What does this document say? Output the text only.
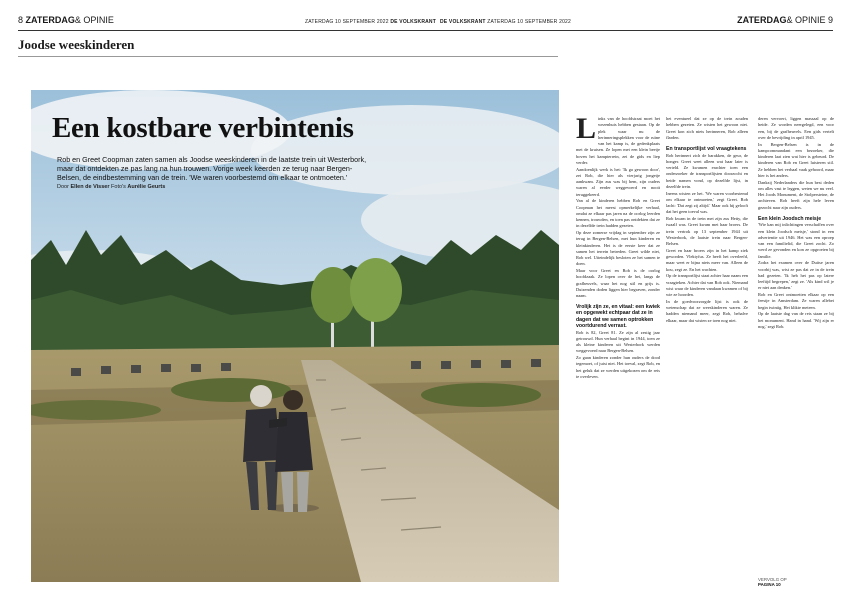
8 ZATERDAG& OPINIE	ZATERDAG 10 SEPTEMBER 2022 DE VOLKSKRANT DE VOLKSKRANT ZATERDAG 10 SEPTEMBER 2022	ZATERDAG& OPINIE 9
Joodse weeskinderen
Een kostbare verbintenis

Rob en Greet Coopman zaten samen als Joodse weeskinderen in de laatste trein uit Westerbork, maar dat ontdekten ze pas lang na hun trouwen. Vorige week keerden ze terug naar Bergen-Belsen, de eindbestemming van de trein. 'We waren voorbestemd om elkaar te ontmoeten.'

Door Ellen de Visser Foto's Aurélie Geurts

Links van de hoofdstraat moet het wezenhuis hebben gestaan. Op de plek waar nu de herinneringsplekken voor de ruïne van het kamp is, de gedenkplaats met de kruisen. Ze lopen met een klein beetje boven het kampterrein, zei de gids en liep verder.

Aandoenlijk werk is het: 'Ik ga gewoon door', zei Rob, die hier als vierjarig jongetje aankwam. Zijn zus was bij hem, zijn ouders waren al eerder weggevoerd en nooit teruggekeerd.

Van al de kinderen hebben Rob en Greet Coopman het meest opmerkelijke verhaal, omdat ze elkaar pas jaren na de oorlog leerden kennen, trouwden, en toen pas ontdekten dat ze in dezelfde trein hadden gezeten.

Op deze zomerse vrijdag in september zijn ze terug in Bergen-Belsen, met hun kinderen en kleinkinderen. Het is de eerste keer dat ze samen het terrein betreden. Greet wilde niet, Rob wel. Uiteindelijk besloten ze het samen te doen.

Maar voor Greet en Rob is de oorlog hoofdzaak. Ze lopen over de hei, langs de grafheuvels, waar het nog stil en grijs is. Duizenden doden liggen hier begraven, zonder naam.

Vrolijk zijn ze, en vitaal: een kwiek en opgewekt echtpaar dat ze in dagen dat we samen optrokken voortdurend verrast.

Rob is 82, Greet 81. Ze zijn al zestig jaar getrouwd. Hun verhaal begint in 1944, toen ze als kleine kinderen uit Westerbork werden weggevoerd naar Bergen-Belsen.

Zo gaan kinderen zonder hun ouders de dood tegemoet, of juist niet. Het toeval, zegt Rob, en het geluk dat ze werden uitgekozen om de reis te overleven.

het eventueel dat ze op de trein zouden hebben gezeten. Ze wisten het gewoon niet. Greet kon zich niets herinneren, Rob alleen flarden.

En transportlijst vol vraagtekens

Rob herinnert zich de barakken, de geur, de honger. Greet weet alleen wat haar later is verteld. Ze kwamen erachter toen een onderzoeker de transportlijsten doorzocht en beide namen vond, op dezelfde lijst, in dezelfde trein.

Ineens wisten ze het. 'We waren voorbestemd om elkaar te ontmoeten,' zegt Greet. Rob lacht: 'Dat zegt zij altijd.' Maar ook hij gelooft dat het geen toeval was.

Rob kwam in de trein met zijn zus Hetty, die twaalf was. Greet kwam met haar broers. De trein vertrok op 13 september 1944 uit Westerbork, de laatste trein naar Bergen-Belsen.

Greet en haar broers zijn in het kamp ziek geworden. Vlektyfus. Ze heeft het overleefd, maar weet er bijna niets meer van. Alleen de kou, zegt ze. En het wachten.

Op de transportlijst staat achter haar naam een vraagteken. Achter dat van Rob ook. Niemand wist waar de kinderen vandaan kwamen of bij wie ze hoorden.

In de goedvoorzorgde lijst is ook de wetenschap dat ze weeskinderen waren. Ze hadden niemand meer, zegt Rob, behalve elkaar, maar dat wisten ze toen nog niet.

deren vervoert, liggen massaal op de heide. Ze worden neergelegd, een voor een, bij de grafheuvels. Een gids vertelt over de bevrijding in april 1945.

In Bergen-Belsen is in de kampcommandant een bezoeker, die kinderen laat zien wat hier is gebeurd. De kinderen van Rob en Greet luisteren stil. Ze hebben het verhaal vaak gehoord, maar hier is het anders.

Dankzij Nederlanders die hun best deden om alles vast te leggen, weten we nu veel. Het Joods Monument, de Stolpersteine, de archieven. Rob heeft zijn hele leven gezocht naar zijn ouders.

Een klein Joodsch meisje

'Wie kan mij inlichtingen verschaffen over een klein Joodsch meisje,' stond in een advertentie uit 1946. Het was een oproep van een familielid, die Greet zocht. Zo werd ze gevonden en kon ze opgroeien bij familie.

Zodra het examen over de Duitse jaren voorbij was, wist ze pas dat ze in de trein had gezeten. 'Ik heb het pas op latere leeftijd begrepen,' zegt ze. 'Als kind wil je er niet aan denken.'

Rob en Greet ontmoetten elkaar op een feestje in Amsterdam. Ze waren allebei begin twintig. Het klikte meteen.

Op de laatste dag van de reis staan ze bij het monument. Hand in hand. 'Wij zijn er nog,' zegt Rob.

VERVOLG OP
PAGINA 10
